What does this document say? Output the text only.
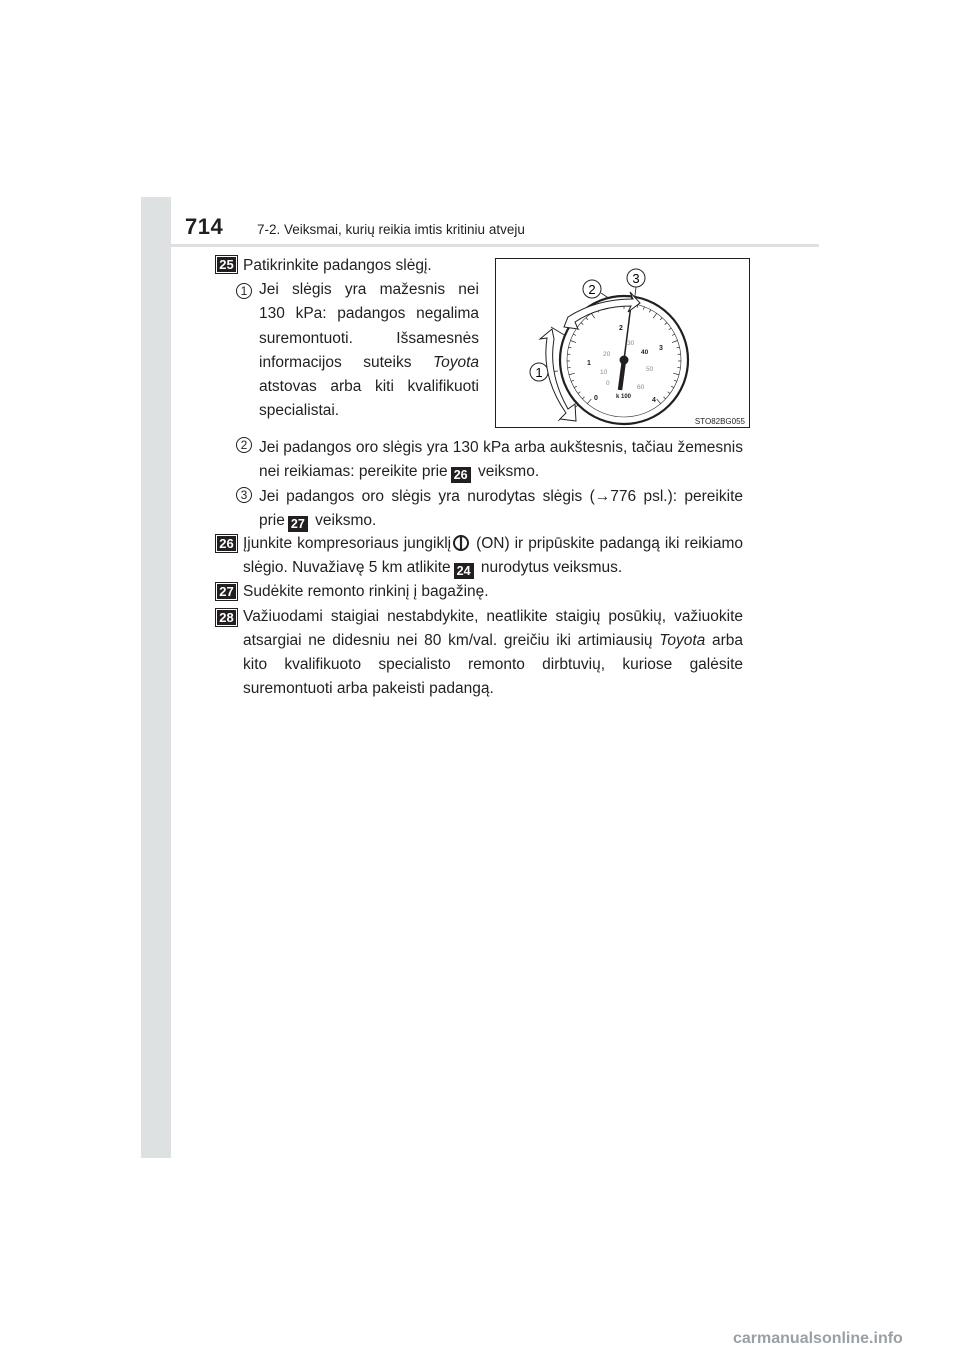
714	7-2. Veiksmai, kurių reikia imtis kritiniu atveju
25 Patikrinkite padangos slėgį.
1 Jei slėgis yra mažesnis nei
130 kPa: padangos negalima
suremontuoti. Išsamesnės
informacijos suteiks Toyota
atstovas arba kiti kvalifikuoti
specialistai.
3
2
1
0
1
2
3
4
0
10
20
30
40
50
60
k 100
STO82BG055
2 Jei padangos oro slėgis yra 130 kPa arba aukštesnis, tačiau žemesnis nei reikiamas: pereikite prie 26 veiksmo.
3 Jei padangos oro slėgis yra nurodytas slėgis (→776 psl.): pereikite prie 27 veiksmo.
26 Įjunkite kompresoriaus jungiklį (ON) ir pripūskite padangą iki reikiamo slėgio. Nuvažiavę 5 km atlikite 24 nurodytus veiksmus.
27 Sudėkite remonto rinkinį į bagažinę.
28 Važiuodami staigiai nestabdykite, neatlikite staigių posūkių, važiuokite atsargiai ne didesniu nei 80 km/val. greičiu iki artimiausių Toyota arba kito kvalifikuoto specialisto remonto dirbtuvių, kuriose galėsite suremontuoti arba pakeisti padangą.
carmanualsonline.info
